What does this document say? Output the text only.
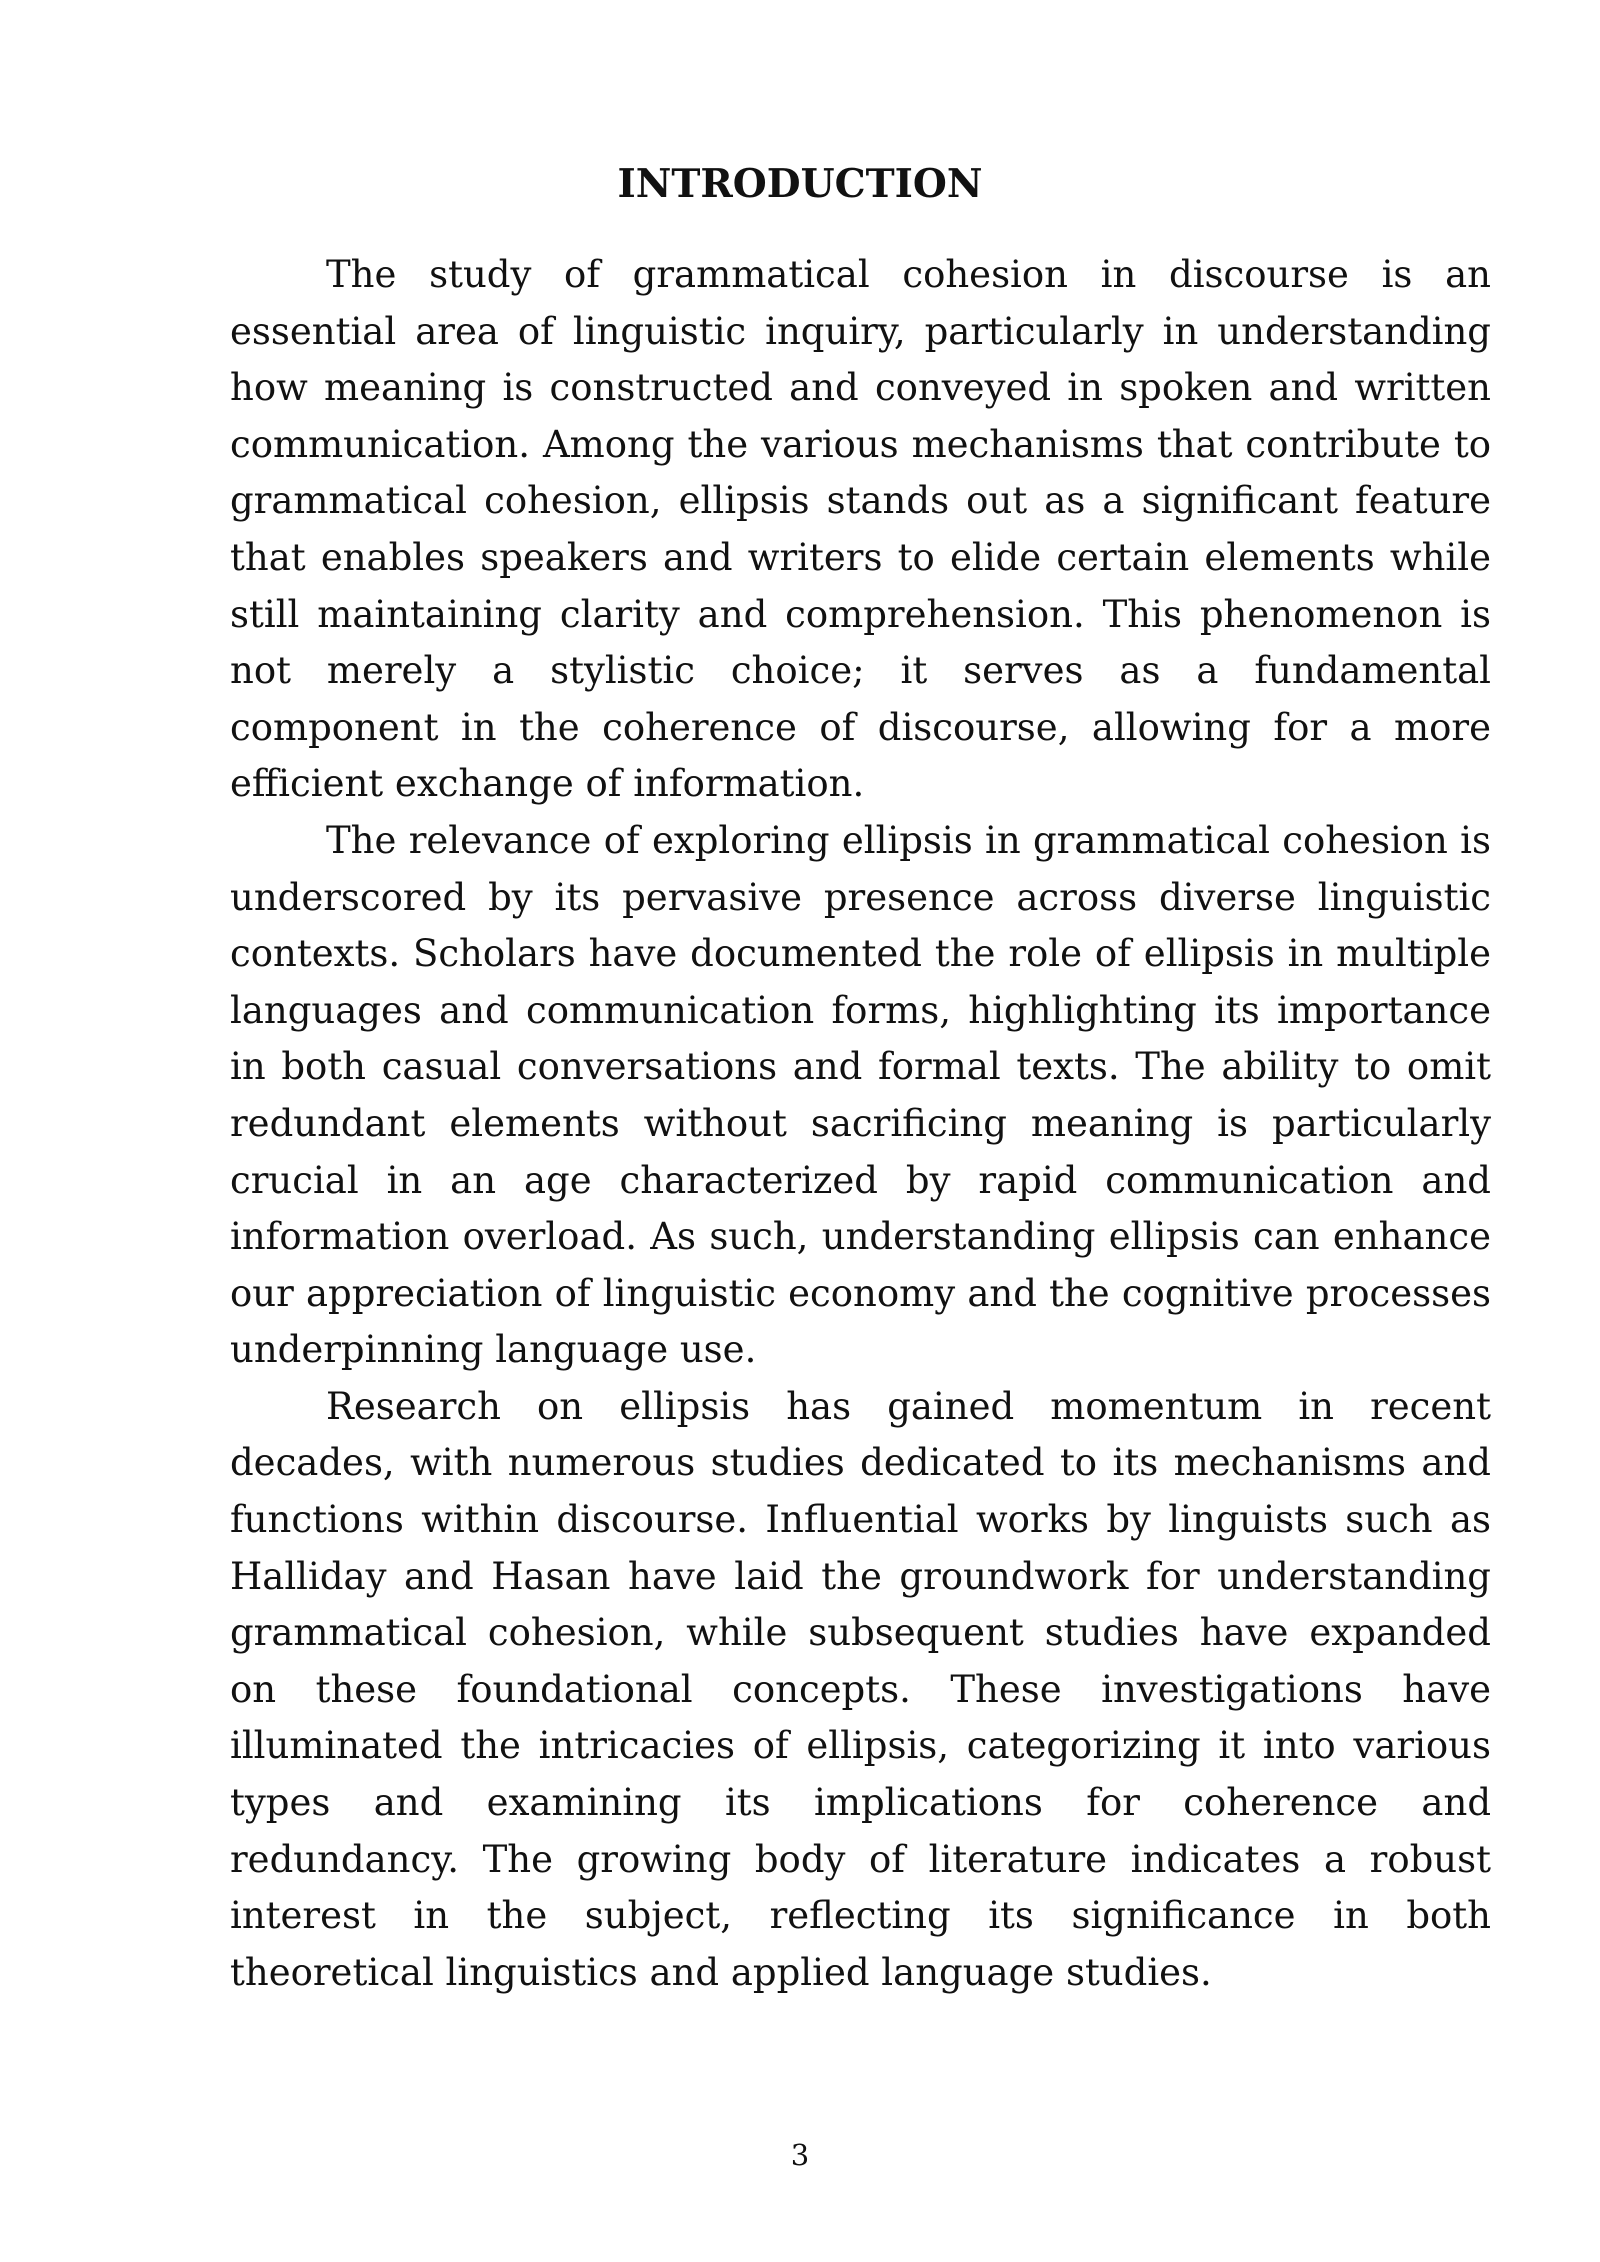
INTRODUCTION

The study of grammatical cohesion in discourse is an essential area of linguistic inquiry, particularly in understanding how meaning is constructed and conveyed in spoken and written communication. Among the various mechanisms that contribute to grammatical cohesion, ellipsis stands out as a significant feature that enables speakers and writers to elide certain elements while still maintaining clarity and comprehension. This phenomenon is not merely a stylistic choice; it serves as a fundamental component in the coherence of discourse, allowing for a more efficient exchange of information.

The relevance of exploring ellipsis in grammatical cohesion is underscored by its pervasive presence across diverse linguistic contexts. Scholars have documented the role of ellipsis in multiple languages and communication forms, highlighting its importance in both casual conversations and formal texts. The ability to omit redundant elements without sacrificing meaning is particularly crucial in an age characterized by rapid communication and information overload. As such, understanding ellipsis can enhance our appreciation of linguistic economy and the cognitive processes underpinning language use.

Research on ellipsis has gained momentum in recent decades, with numerous studies dedicated to its mechanisms and functions within discourse. Influential works by linguists such as Halliday and Hasan have laid the groundwork for understanding grammatical cohesion, while subsequent studies have expanded on these foundational concepts. These investigations have illuminated the intricacies of ellipsis, categorizing it into various types and examining its implications for coherence and redundancy. The growing body of literature indicates a robust interest in the subject, reflecting its significance in both theoretical linguistics and applied language studies.

3
